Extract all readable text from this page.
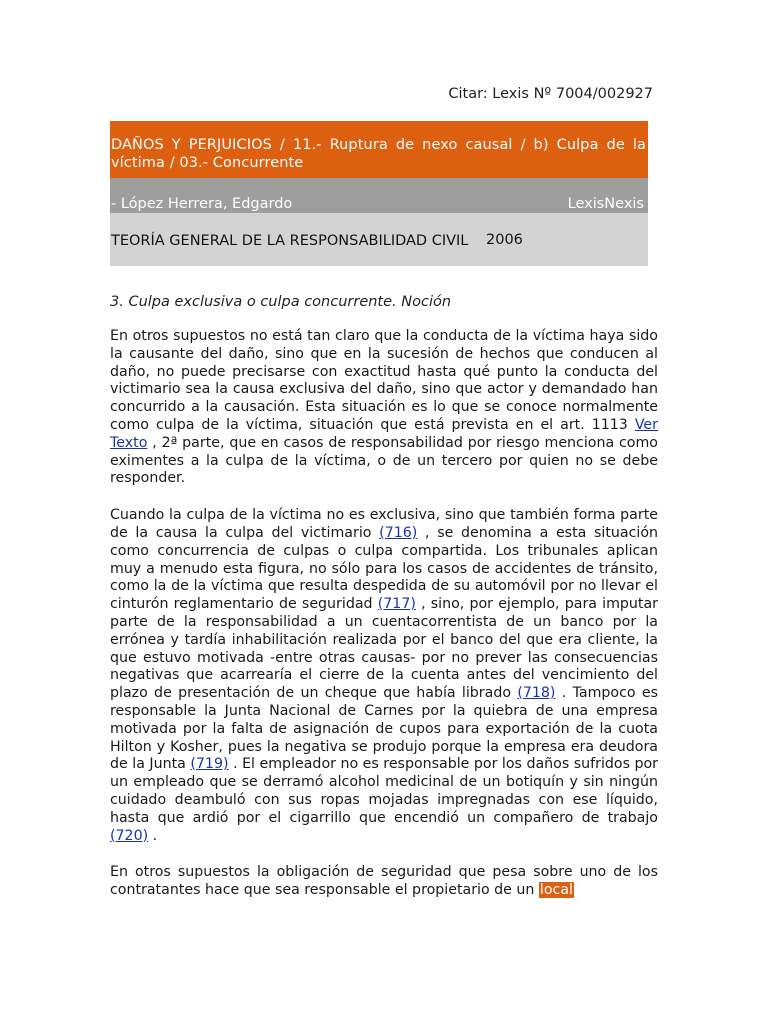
Citar: Lexis Nº 7004/002927
DAÑOS Y PERJUICIOS / 11.- Ruptura de nexo causal / b) Culpa de la víctima / 03.- Concurrente
- López Herrera, Edgardo	LexisNexis
TEORÍA GENERAL DE LA RESPONSABILIDAD CIVIL	2006
3. Culpa exclusiva o culpa concurrente. Noción

En otros supuestos no está tan claro que la conducta de la víctima haya sido la causante del daño, sino que en la sucesión de hechos que conducen al daño, no puede precisarse con exactitud hasta qué punto la conducta del victimario sea la causa exclusiva del daño, sino que actor y demandado han concurrido a la causación. Esta situación es lo que se conoce normalmente como culpa de la víctima, situación que está prevista en el art. 1113 Ver Texto , 2ª parte, que en casos de responsabilidad por riesgo menciona como eximentes a la culpa de la víctima, o de un tercero por quien no se debe responder.

Cuando la culpa de la víctima no es exclusiva, sino que también forma parte de la causa la culpa del victimario (716) , se denomina a esta situación como concurrencia de culpas o culpa compartida. Los tribunales aplican muy a menudo esta figura, no sólo para los casos de accidentes de tránsito, como la de la víctima que resulta despedida de su automóvil por no llevar el cinturón reglamentario de seguridad (717) , sino, por ejemplo, para imputar parte de la responsabilidad a un cuentacorrentista de un banco por la errónea y tardía inhabilitación realizada por el banco del que era cliente, la que estuvo motivada -entre otras causas- por no prever las consecuencias negativas que acarrearía el cierre de la cuenta antes del vencimiento del plazo de presentación de un cheque que había librado (718) . Tampoco es responsable la Junta Nacional de Carnes por la quiebra de una empresa motivada por la falta de asignación de cupos para exportación de la cuota Hilton y Kosher, pues la negativa se produjo porque la empresa era deudora de la Junta (719) . El empleador no es responsable por los daños sufridos por un empleado que se derramó alcohol medicinal de un botiquín y sin ningún cuidado deambuló con sus ropas mojadas impregnadas con ese líquido, hasta que ardió por el cigarrillo que encendió un compañero de trabajo (720) .

En otros supuestos la obligación de seguridad que pesa sobre uno de los contratantes hace que sea responsable el propietario de un local
